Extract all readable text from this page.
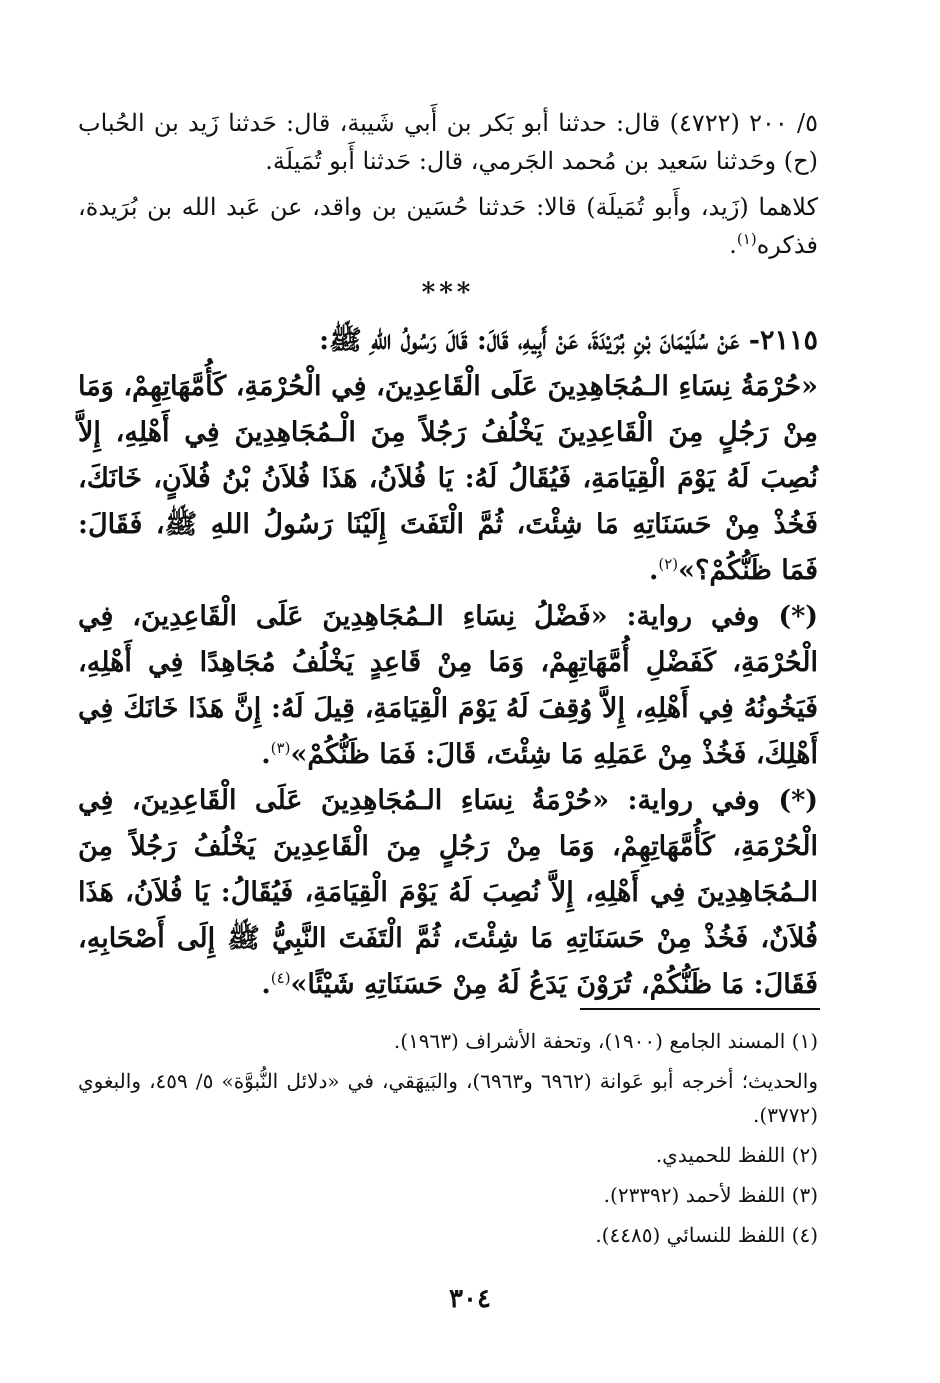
٥/ ٢٠٠ (٤٧٢٢) قال: حدثنا أبو بَكر بن أَبي شَيبة، قال: حَدثنا زَيد بن الحُباب (ح) وحَدثنا سَعيد بن مُحمد الجَرمي، قال: حَدثنا أَبو تُمَيلَة.

كلاهما (زَيد، وأَبو تُمَيلَة) قالا: حَدثنا حُسَين بن واقد، عن عَبد الله بن بُرَيدة، فذكره$^{(١)}$.

***

٢١١٥- عَنْ سُلَيْمَانَ بْنِ بُرَيْدَةَ، عَنْ أَبِيهِ، قَالَ: قَالَ رَسُولُ اللهِ ﷺ:

«حُرْمَةُ نِسَاءِ الـمُجَاهِدِينَ عَلَى الْقَاعِدِينَ، فِي الْحُرْمَةِ، كَأُمَّهَاتِهِمْ، وَمَا مِنْ رَجُلٍ مِنَ الْقَاعِدِينَ يَخْلُفُ رَجُلاً مِنَ الْـمُجَاهِدِينَ فِي أَهْلِهِ، إِلاَّ نُصِبَ لَهُ يَوْمَ الْقِيَامَةِ، فَيُقَالُ لَهُ: يَا فُلاَنُ، هَذَا فُلاَنُ بْنُ فُلاَنٍ، خَانَكَ، فَخُذْ مِنْ حَسَنَاتِهِ مَا شِئْتَ، ثُمَّ الْتَفَتَ إِلَيْنَا رَسُولُ اللهِ ﷺ، فَقَالَ: فَمَا ظَنُّكُمْ؟»$^{(٢)}$.

(*) وفي رواية: «فَضْلُ نِسَاءِ الـمُجَاهِدِينَ عَلَى الْقَاعِدِينَ، فِي الْحُرْمَةِ، كَفَضْلِ أُمَّهَاتِهِمْ، وَمَا مِنْ قَاعِدٍ يَخْلُفُ مُجَاهِدًا فِي أَهْلِهِ، فَيَخُونُهُ فِي أَهْلِهِ، إِلاَّ وُقِفَ لَهُ يَوْمَ الْقِيَامَةِ، قِيلَ لَهُ: إِنَّ هَذَا خَانَكَ فِي أَهْلِكَ، فَخُذْ مِنْ عَمَلِهِ مَا شِئْتَ، قَالَ: فَمَا ظَنُّكُمْ»$^{(٣)}$.

(*) وفي رواية: «حُرْمَةُ نِسَاءِ الـمُجَاهِدِينَ عَلَى الْقَاعِدِينَ، فِي الْحُرْمَةِ، كَأُمَّهَاتِهِمْ، وَمَا مِنْ رَجُلٍ مِنَ الْقَاعِدِينَ يَخْلُفُ رَجُلاً مِنَ الـمُجَاهِدِينَ فِي أَهْلِهِ، إِلاَّ نُصِبَ لَهُ يَوْمَ الْقِيَامَةِ، فَيُقَالُ: يَا فُلاَنُ، هَذَا فُلاَنٌ، فَخُذْ مِنْ حَسَنَاتِهِ مَا شِئْتَ، ثُمَّ الْتَفَتَ النَّبِيُّ ﷺ إِلَى أَصْحَابِهِ، فَقَالَ: مَا ظَنُّكُمْ، تُرَوْنَ يَدَعُ لَهُ مِنْ حَسَنَاتِهِ شَيْئًا»$^{(٤)}$.

(١) المسند الجامع (١٩٠٠)، وتحفة الأشراف (١٩٦٣).

والحديث؛ أخرجه أبو عَوانة (٦٩٦٢ و٦٩٦٣)، والبَيهَقي، في «دلائل النُّبوَّة» ٥/ ٤٥٩، والبغوي (٣٧٧٢).

(٢) اللفظ للحميدي.

(٣) اللفظ لأحمد (٢٣٣٩٢).

(٤) اللفظ للنسائي (٤٤٨٥).

٣٠٤
